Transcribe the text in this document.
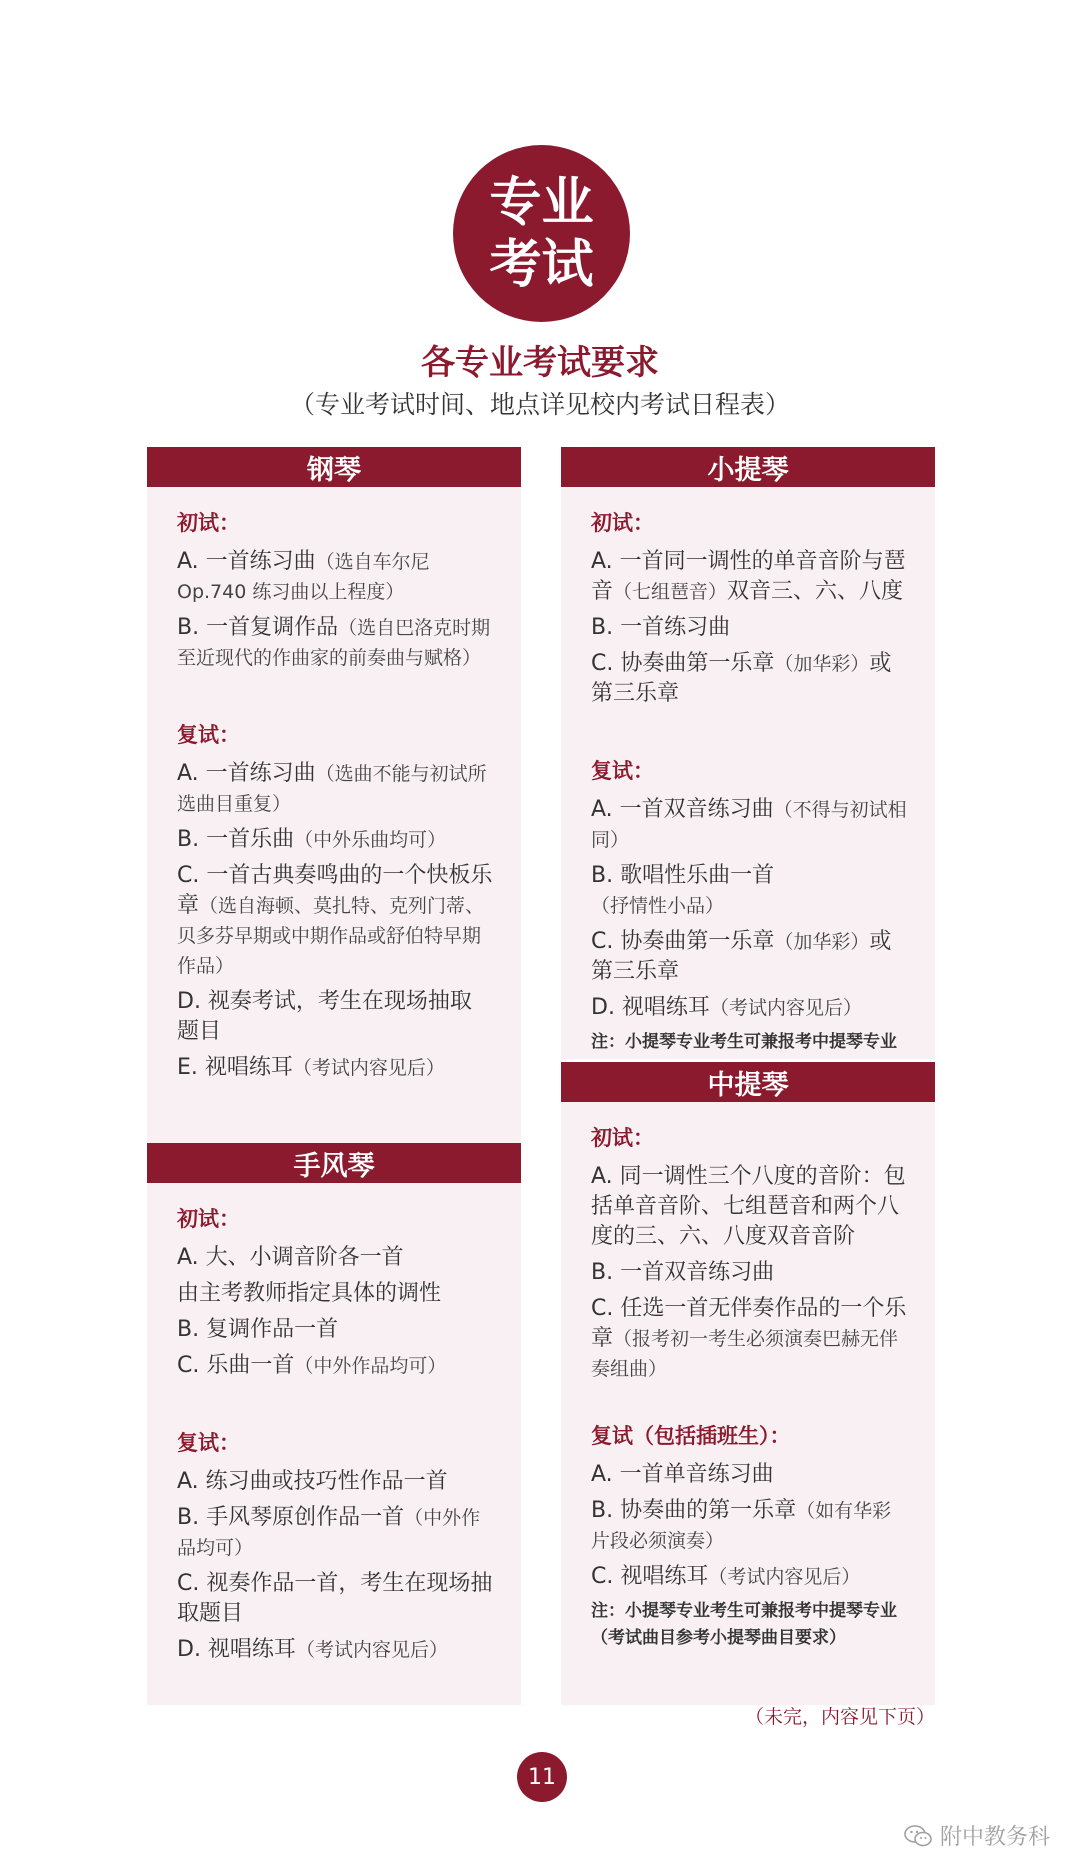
专业
考试
各专业考试要求
（专业考试时间、地点详见校内考试日程表）
钢琴
初试：
A. 一首练习曲（选自车尔尼 Op.740 练习曲以上程度）
B. 一首复调作品（选自巴洛克时期至近现代的作曲家的前奏曲与赋格）
复试：
A. 一首练习曲（选曲不能与初试所选曲目重复）
B. 一首乐曲（中外乐曲均可）
C. 一首古典奏鸣曲的一个快板乐章（选自海顿、莫扎特、克列门蒂、贝多芬早期或中期作品或舒伯特早期作品）
D. 视奏考试，考生在现场抽取题目
E. 视唱练耳（考试内容见后）
手风琴
初试：
A. 大、小调音阶各一首
由主考教师指定具体的调性
B. 复调作品一首
C. 乐曲一首（中外作品均可）
复试：
A. 练习曲或技巧性作品一首
B. 手风琴原创作品一首（中外作品均可）
C. 视奏作品一首，考生在现场抽取题目
D. 视唱练耳（考试内容见后）
小提琴
初试：
A. 一首同一调性的单音音阶与琶音（七组琶音）双音三、六、八度
B. 一首练习曲
C. 协奏曲第一乐章（加华彩）或第三乐章
复试：
A. 一首双音练习曲（不得与初试相同）
B. 歌唱性乐曲一首（抒情性小品）
C. 协奏曲第一乐章（加华彩）或第三乐章
D. 视唱练耳（考试内容见后）
注：小提琴专业考生可兼报考中提琴专业
中提琴
初试：
A. 同一调性三个八度的音阶：包括单音音阶、七组琶音和两个八度的三、六、八度双音音阶
B. 一首双音练习曲
C. 任选一首无伴奏作品的一个乐章（报考初一考生必须演奏巴赫无伴奏组曲）
复试（包括插班生）：
A. 一首单音练习曲
B. 协奏曲的第一乐章（如有华彩片段必须演奏）
C. 视唱练耳（考试内容见后）
注：小提琴专业考生可兼报考中提琴专业（考试曲目参考小提琴曲目要求）
（未完，内容见下页）
11
附中教务科
